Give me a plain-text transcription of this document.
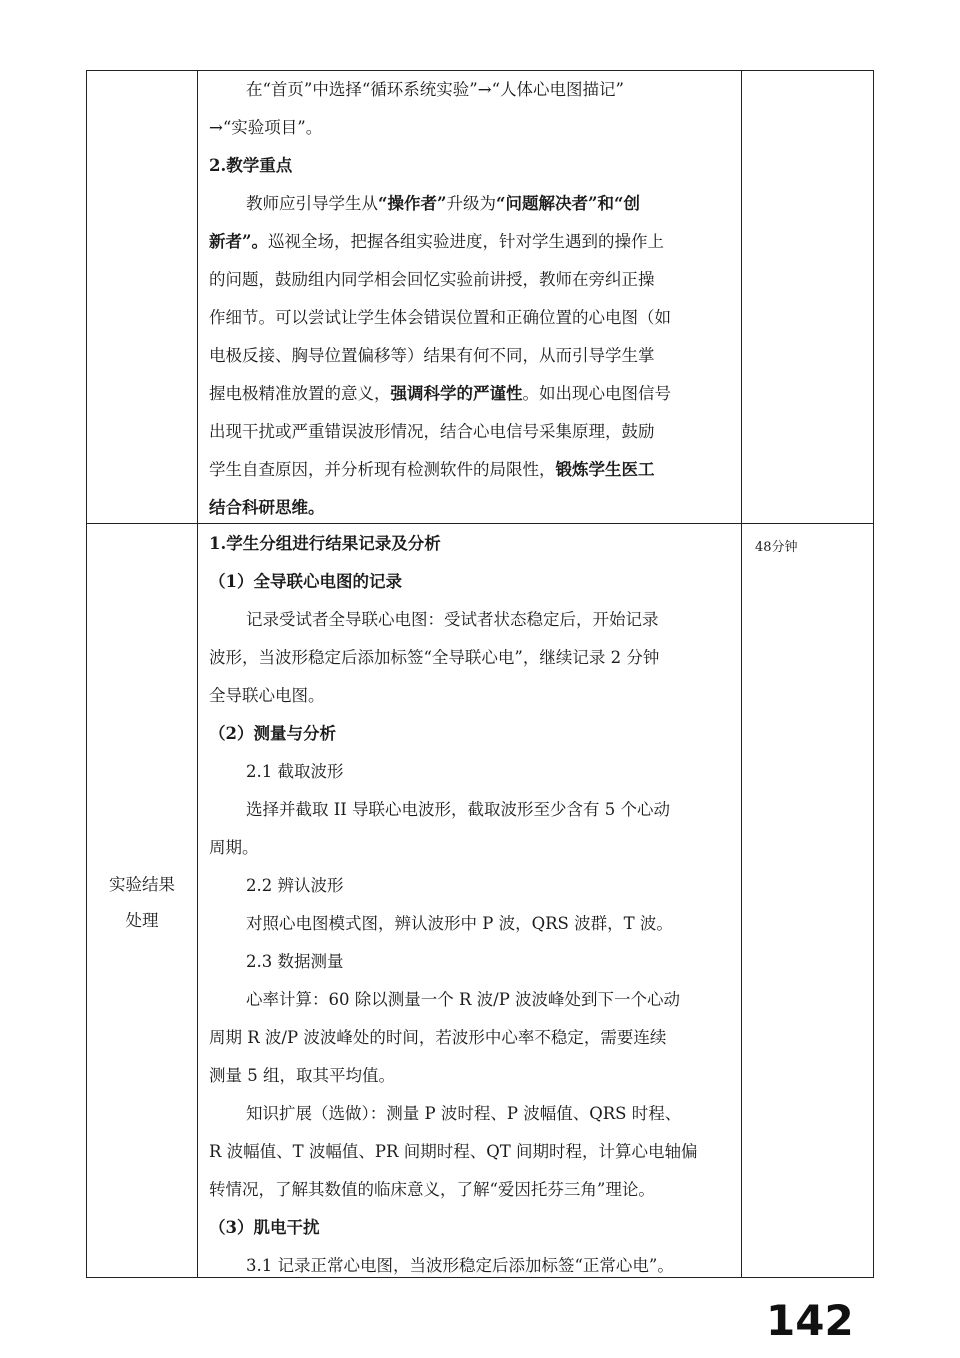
在“首页”中选择“循环系统实验”→“人体心电图描记”
→“实验项目”。
2.教学重点
教师应引导学生从“操作者”升级为“问题解决者”和“创
新者”。巡视全场，把握各组实验进度，针对学生遇到的操作上
的问题，鼓励组内同学相会回忆实验前讲授，教师在旁纠正操
作细节。可以尝试让学生体会错误位置和正确位置的心电图（如
电极反接、胸导位置偏移等）结果有何不同，从而引导学生掌
握电极精准放置的意义，强调科学的严谨性。如出现心电图信号
出现干扰或严重错误波形情况，结合心电信号采集原理，鼓励
学生自查原因，并分析现有检测软件的局限性，锻炼学生医工
结合科研思维。
实验结果
处理
1.学生分组进行结果记录及分析
（1）全导联心电图的记录
记录受试者全导联心电图：受试者状态稳定后，开始记录
波形，当波形稳定后添加标签“全导联心电”，继续记录 2 分钟
全导联心电图。
（2）测量与分析
2.1 截取波形
选择并截取 II 导联心电波形，截取波形至少含有 5 个心动
周期。
2.2 辨认波形
对照心电图模式图，辨认波形中 P 波，QRS 波群，T 波。
2.3 数据测量
心率计算：60 除以测量一个 R 波/P 波波峰处到下一个心动
周期 R 波/P 波波峰处的时间，若波形中心率不稳定，需要连续
测量 5 组，取其平均值。
知识扩展（选做）：测量 P 波时程、P 波幅值、QRS 时程、
R 波幅值、T 波幅值、PR 间期时程、QT 间期时程，计算心电轴偏
转情况，了解其数值的临床意义，了解“爱因托芬三角”理论。
（3）肌电干扰
3.1 记录正常心电图，当波形稳定后添加标签“正常心电”。
48分钟
142
